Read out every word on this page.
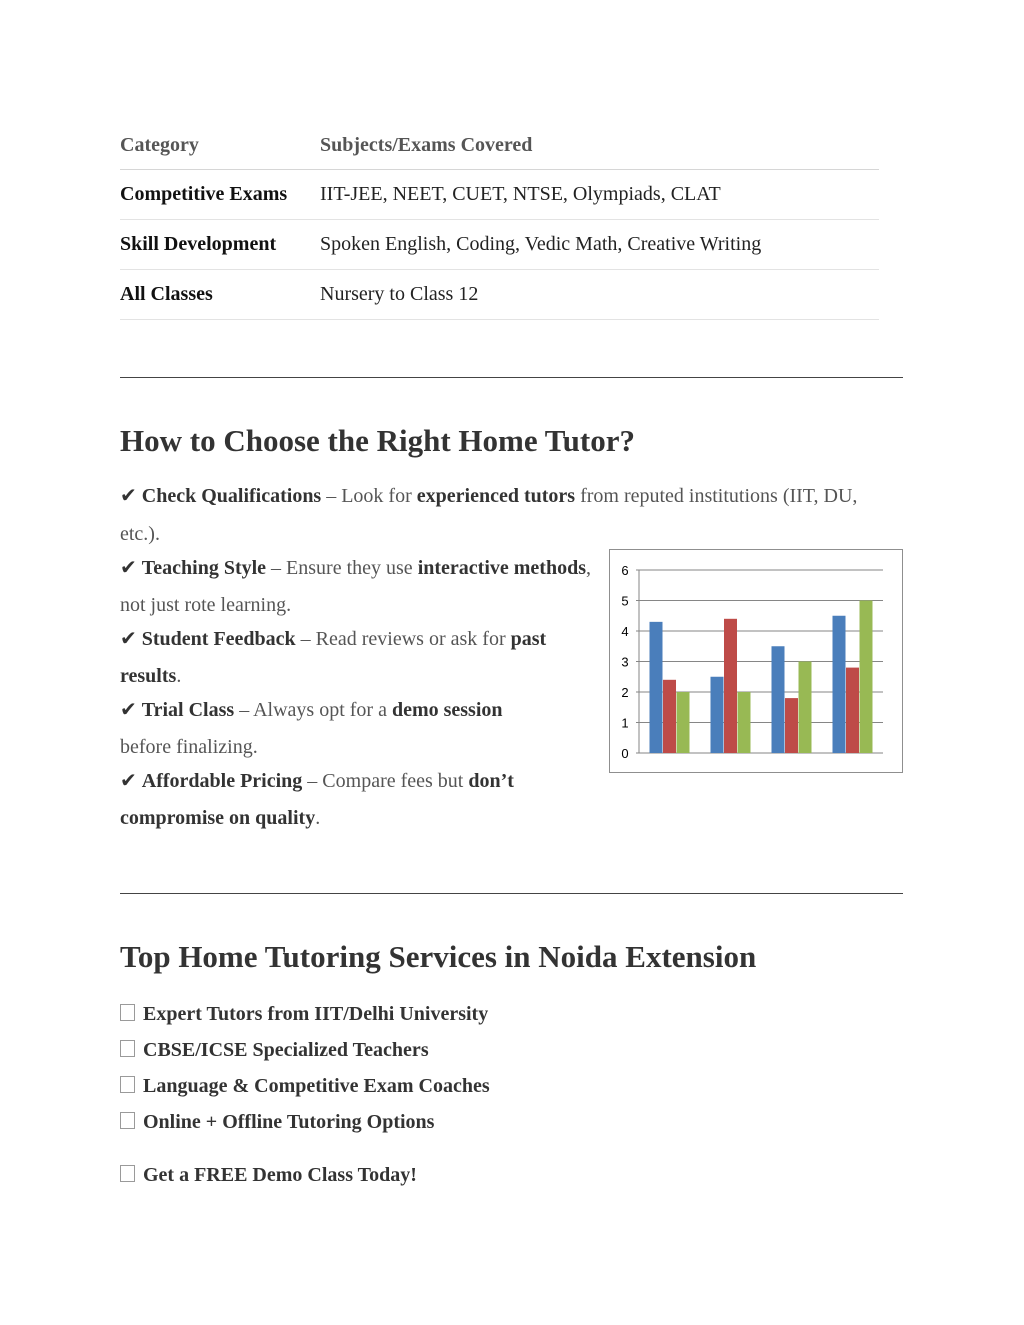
Category	Subjects/Exams Covered
Competitive Exams	IIT-JEE, NEET, CUET, NTSE, Olympiads, CLAT
Skill Development	Spoken English, Coding, Vedic Math, Creative Writing
All Classes	Nursery to Class 12
How to Choose the Right Home Tutor?
✔ Check Qualifications – Look for experienced tutors from reputed institutions (IIT, DU, etc.).
✔ Teaching Style – Ensure they use interactive methods, not just rote learning.
✔ Student Feedback – Read reviews or ask for past results.
✔ Trial Class – Always opt for a demo session before finalizing.
✔ Affordable Pricing – Compare fees but don’t compromise on quality.
0
1
2
3
4
5
6
Top Home Tutoring Services in Noida Extension
Expert Tutors from IIT/Delhi University
CBSE/ICSE Specialized Teachers
Language & Competitive Exam Coaches
Online + Offline Tutoring Options
Get a FREE Demo Class Today!
